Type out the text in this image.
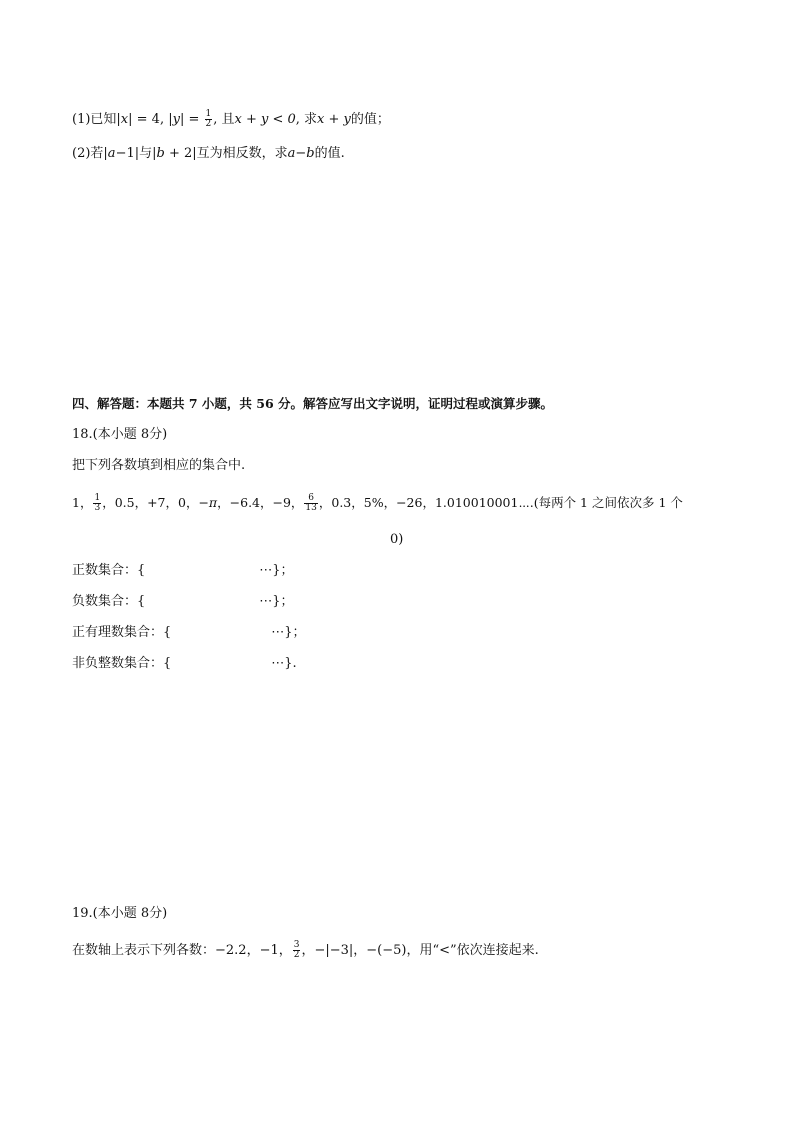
(1)已知|x| = 4, $|y| = \frac{1}{2}$ , 且x + y < 0, 求x + y的值；
(2)若|a−1|与|b + 2|互为相反数，求a−b的值.
四、解答题：本题共 7 小题，共 56 分。解答应写出文字说明，证明过程或演算步骤。
18.(本小题 8分)
把下列各数填到相应的集合中.
1， $\frac{1}{3}$ ，0.5，+7，0，−π，−6.4，−9， $\frac{6}{13}$ ，0.3，5%，−26，1.010010001⋯.(每两个 1 之间依次多 1 个
0)
正数集合：{	⋯}；
负数集合：{	⋯}；
正有理数集合：{	⋯}；
非负整数集合：{	⋯}.
19.(本小题 8分)
在数轴上表示下列各数：−2.2，−1， $\frac{3}{2}$ ，−|−3|，−(−5)，用“<”依次连接起来.
